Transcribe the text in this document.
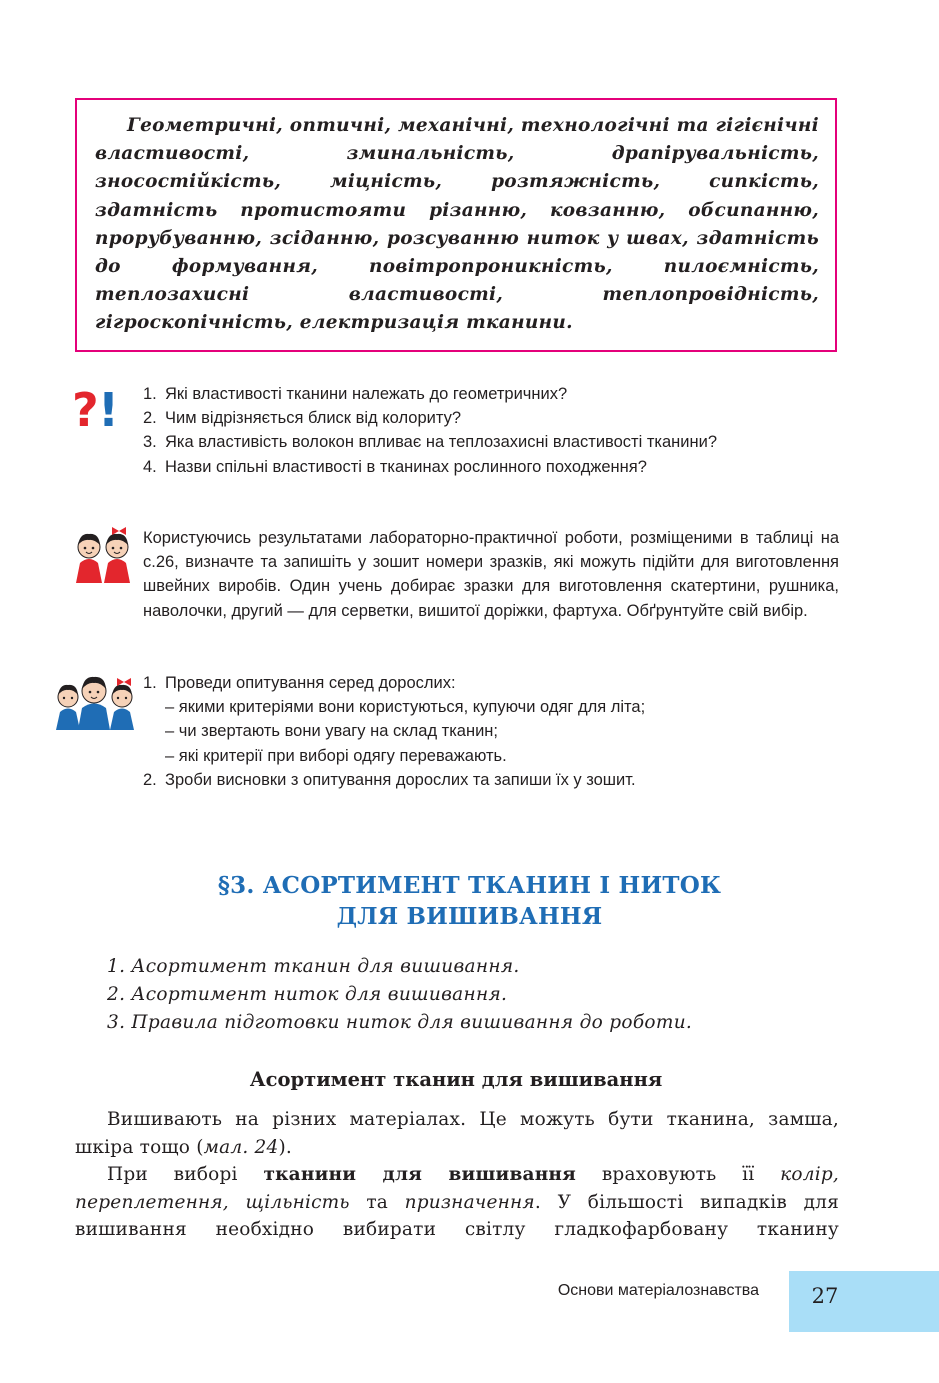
Геометричні, оптичні, механічні, технологічні та гігієнічні властивості, зминальність, драпірувальність, зносостійкість, міцність, розтяжність, сипкість, здатність протистояти різанню, ковзанню, обсипанню, прорубуванню, зсіданню, розсуванню ниток у швах, здатність до формування, повітропроникність, пилоємність, теплозахисні властивості, теплопровідність, гігроскопічність, електризація тканини.

? ! 1. Які властивості тканини належать до геометричних?
2. Чим відрізняється блиск від колориту?
3. Яка властивість волокон впливає на теплозахисні властивості тканини?
4. Назви спільні властивості в тканинах рослинного походження?

Користуючись результатами лабораторно-практичної роботи, розміщеними в таблиці на с.26, визначте та запишіть у зошит номери зразків, які можуть підійти для виготовлення швейних виробів. Один учень добирає зразки для виготовлення скатертини, рушника, наволочки, другий — для серветки, вишитої доріжки, фартуха. Обґрунтуйте свій вибір.

1. Проведи опитування серед дорослих:
– якими критеріями вони користуються, купуючи одяг для літа;
– чи звертають вони увагу на склад тканин;
– які критерії при виборі одягу переважають.
2. Зроби висновки з опитування дорослих та запиши їх у зошит.
§3. АСОРТИМЕНТ ТКАНИН І НИТОК
ДЛЯ ВИШИВАННЯ
1. Асортимент тканин для вишивання.
2. Асортимент ниток для вишивання.
3. Правила підготовки ниток для вишивання до роботи.
Асортимент тканин для вишивання

Вишивають на різних матеріалах. Це можуть бути тканина, замша, шкіра тощо (мал. 24).

При виборі тканини для вишивання враховують її колір, переплетення, щільність та призначення. У більшості випадків для вишивання необхідно вибирати світлу гладкофарбовану тканину

Основи матеріалознавства	27
